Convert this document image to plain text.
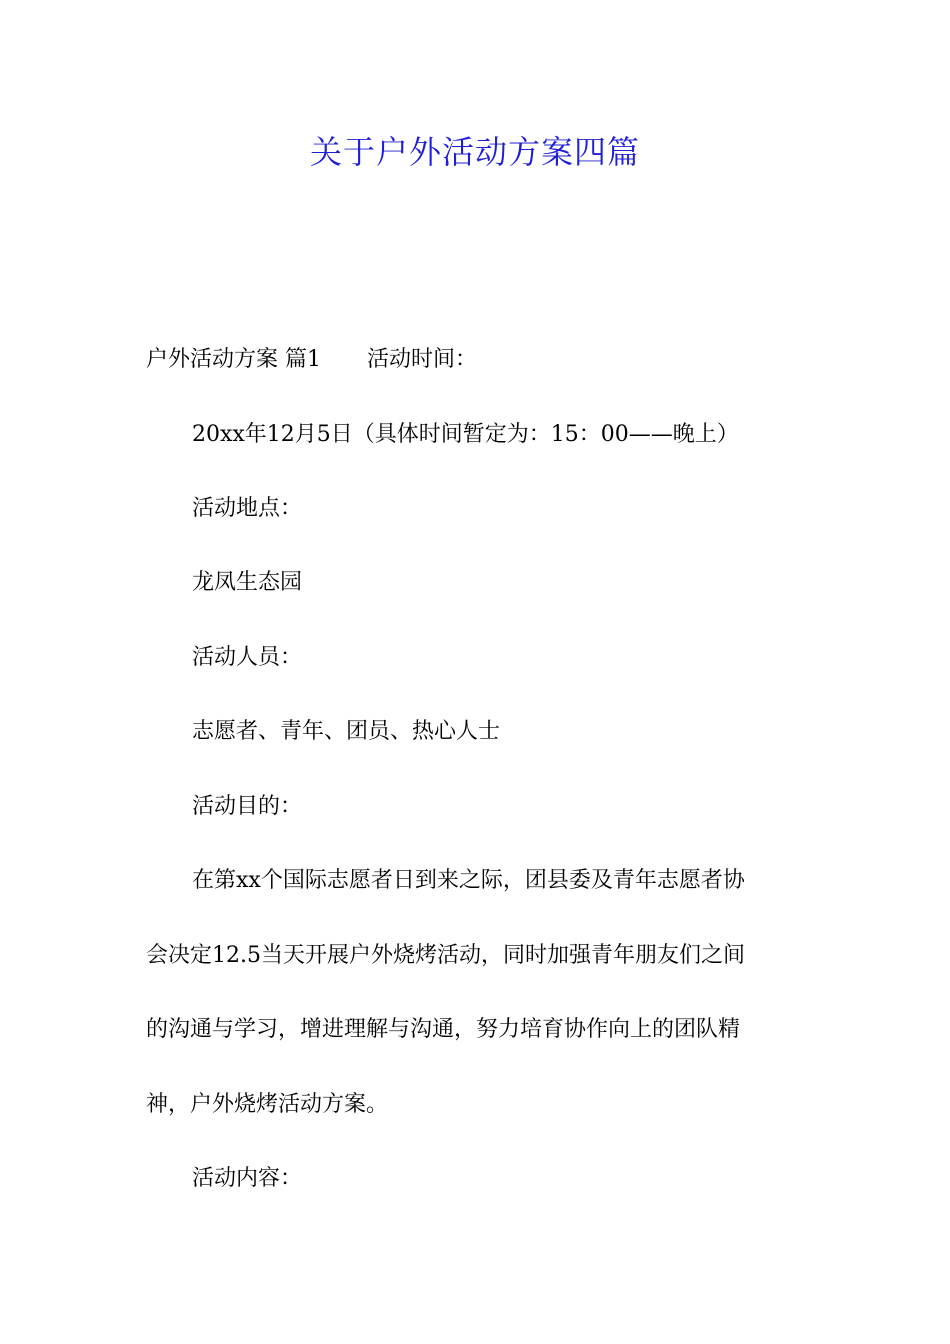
关于户外活动方案四篇
户外活动方案 篇1 活动时间：
20xx年12月5日（具体时间暂定为：15：00——晚上）
活动地点：
龙凤生态园
活动人员：
志愿者、青年、团员、热心人士
活动目的：
在第xx个国际志愿者日到来之际，团县委及青年志愿者协
会决定12.5当天开展户外烧烤活动，同时加强青年朋友们之间
的沟通与学习，增进理解与沟通，努力培育协作向上的团队精
神，户外烧烤活动方案。
活动内容：
